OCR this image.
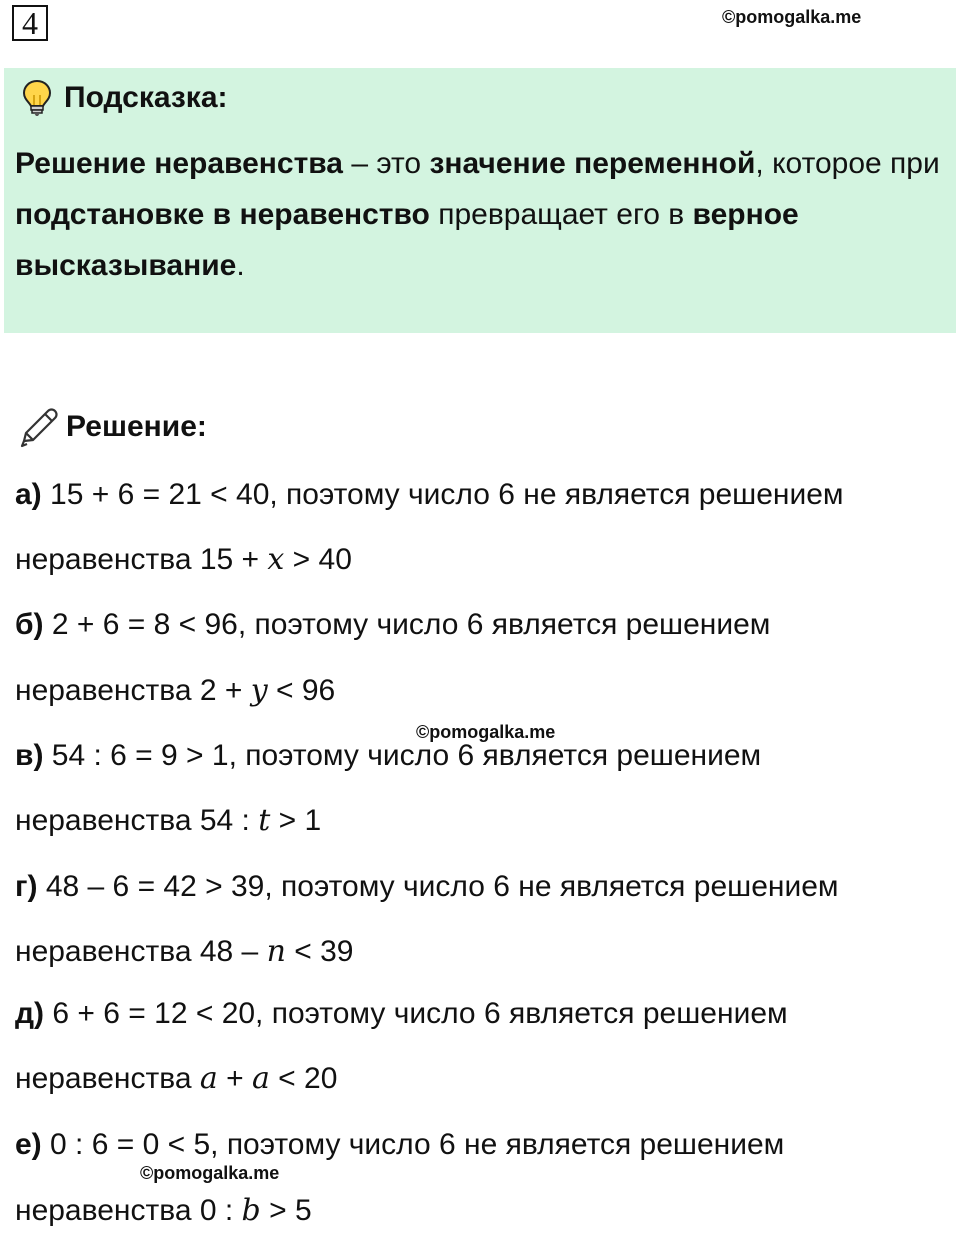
4	©pomogalka.me
Подсказка:
Решение неравенства – это значение переменной, которое при подстановке в неравенство превращает его в верное высказывание.
Решение:
а) 15 + 6 = 21 < 40, поэтому число 6 не является решением
неравенства 15 + x > 40
б) 2 + 6 = 8 < 96, поэтому число 6 является решением
неравенства 2 + y < 96
©pomogalka.me
в) 54 : 6 = 9 > 1, поэтому число 6 является решением
неравенства 54 : t > 1
г) 48 – 6 = 42 > 39, поэтому число 6 не является решением
неравенства 48 – n < 39
д) 6 + 6 = 12 < 20, поэтому число 6 является решением
неравенства a + a < 20
е) 0 : 6 = 0 < 5, поэтому число 6 не является решением
©pomogalka.me
неравенства 0 : b > 5
